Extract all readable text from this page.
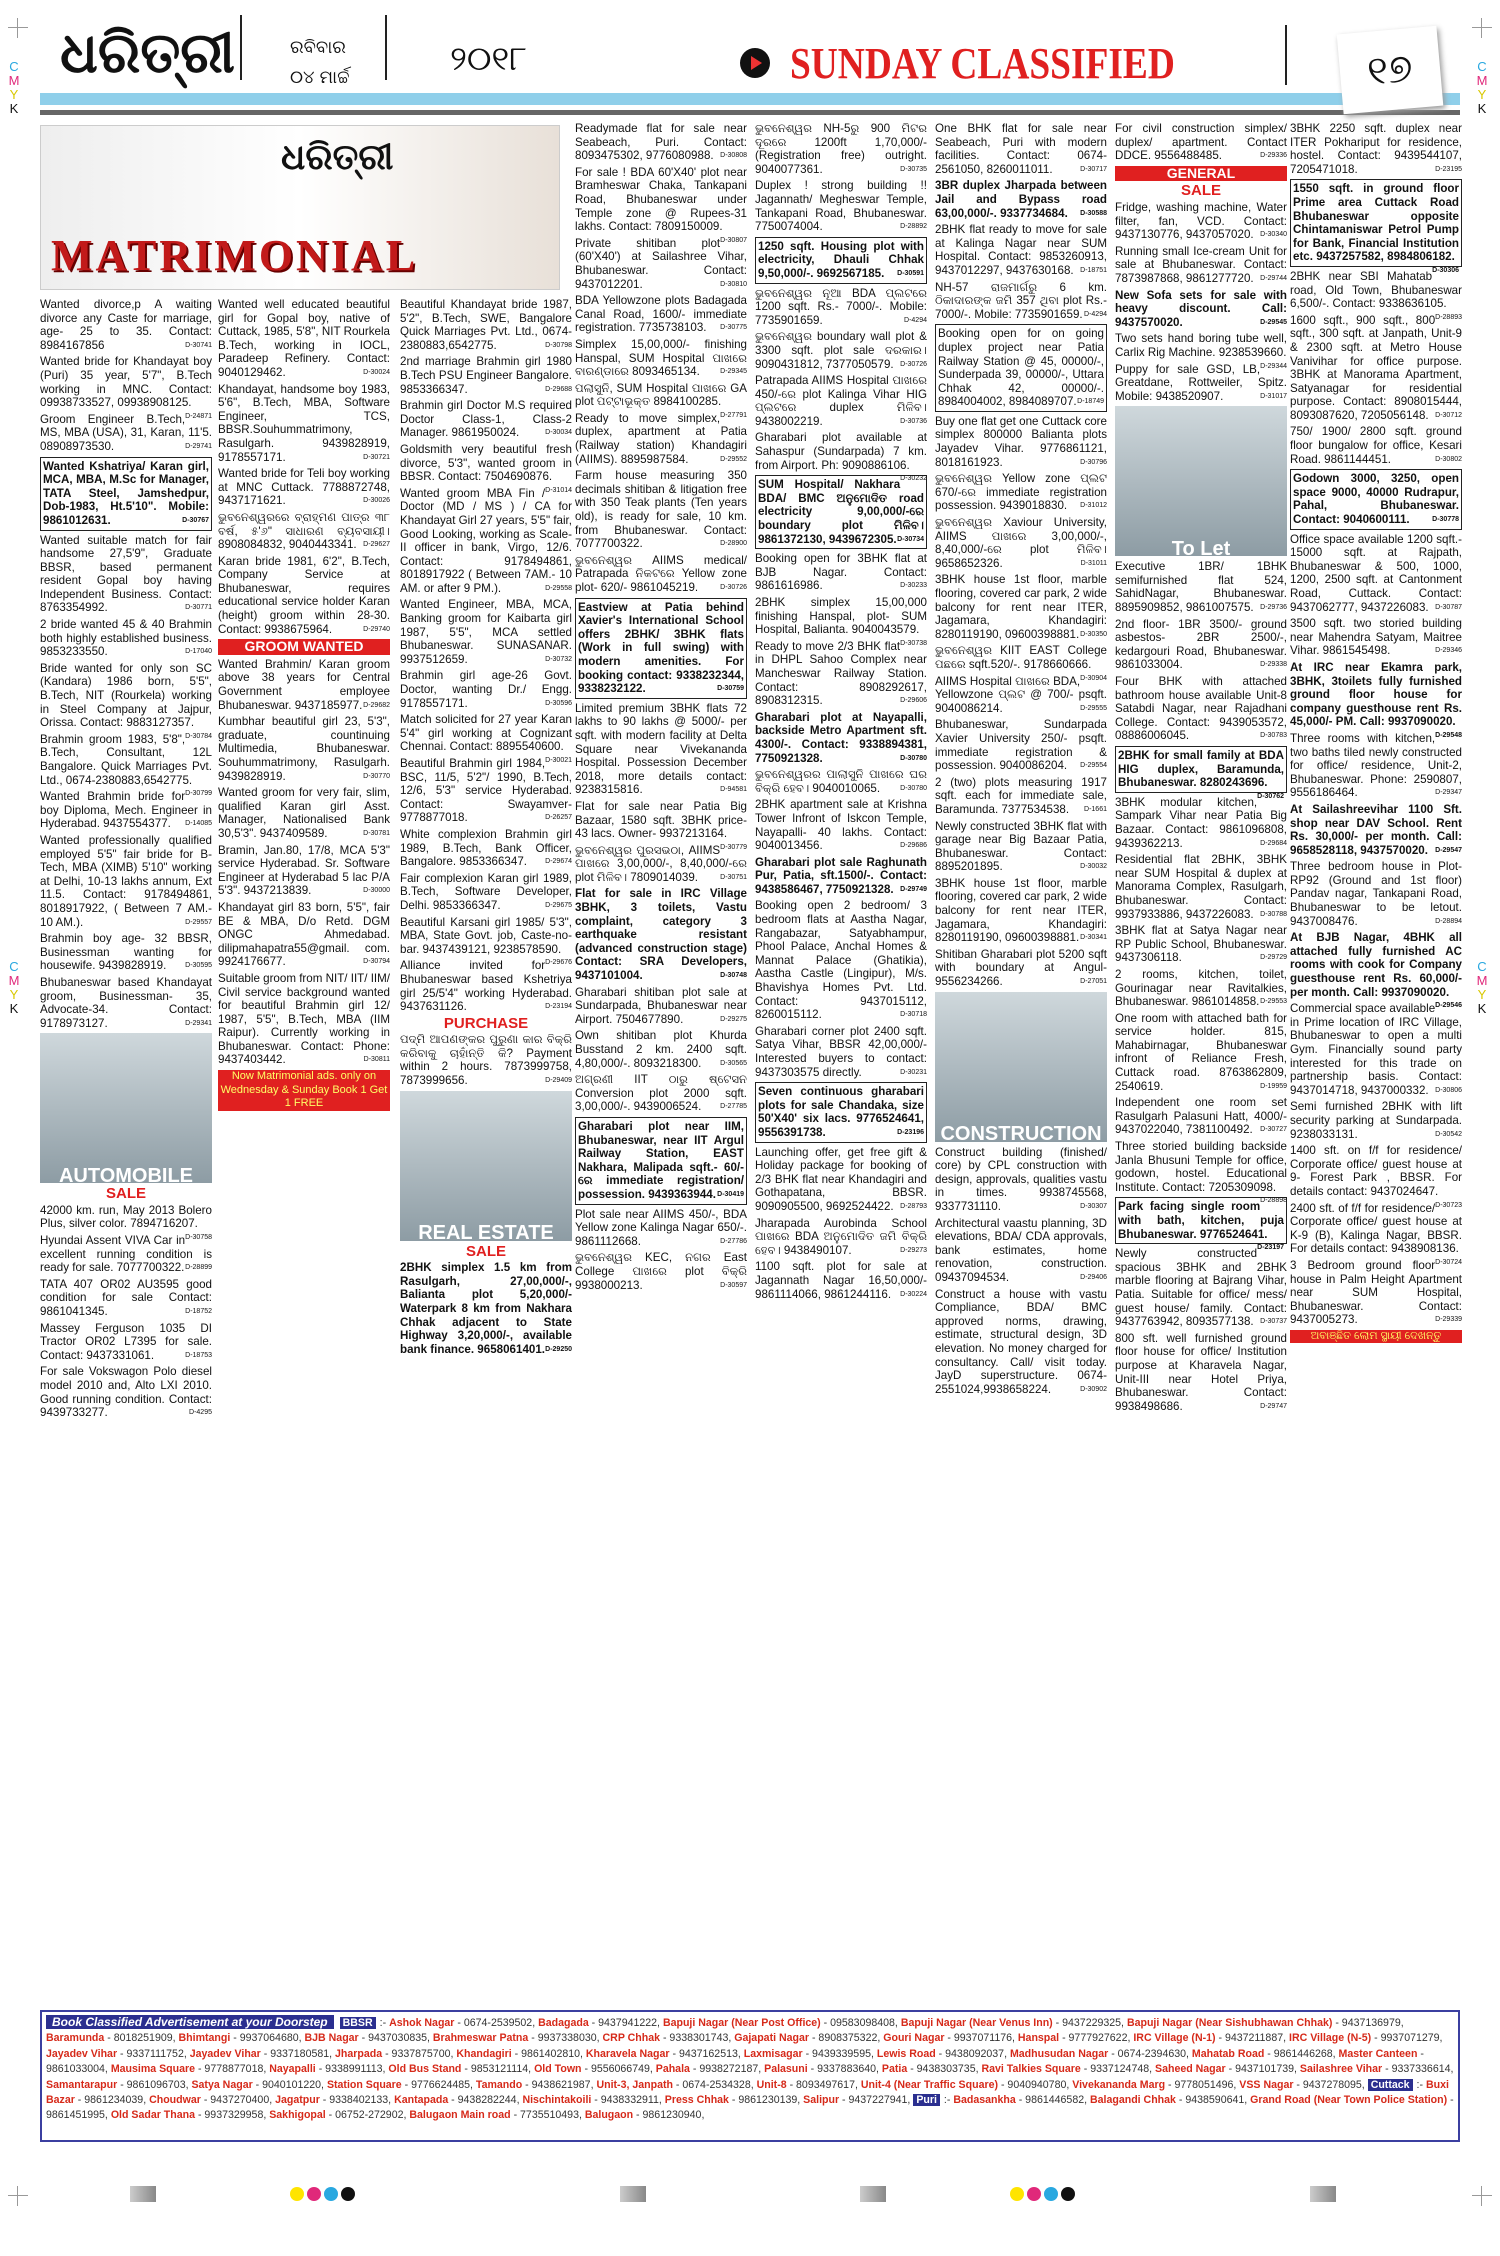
C
M
Y
K
C
M
Y
K
C
M
Y
K
C
M
Y
K
ଧରିତ୍ରୀ	ରବିବାର
୦୪ ମାର୍ଚ୍ଚ	୨୦୧୮	SUNDAY CLASSIFIED	୧୭
ଧରିତ୍ରୀ
MATRIMONIAL
Wanted divorce,p A waiting divorce any Caste for marriage, age- 25 to 35. Contact: 8984167856	D-30741
Wanted bride for Khandayat boy (Puri) 35 year, 5'7", B.Tech working in MNC. Contact: 09938733527, 09938908125.
D-24871
Groom Engineer B.Tech, MS, MBA (USA), 31, Karan, 11'5. 08908973530.	D-29741
Wanted Kshatriya/ Karan girl, MCA, MBA, M.Sc for Manager, TATA Steel, Jamshedpur, Dob-1983, Ht.5'10". Mobile: 9861012631.	D-30767
Wanted suitable match for fair handsome 27,5'9", Graduate BBSR, based permanent resident Gopal boy having Independent Business. Contact: 8763354992.	D-30771
2 bride wanted 45 & 40 Brahmin both highly established business. 9853233550.	D-17040
Bride wanted for only son SC (Kandara) 1986 born, 5'5", B.Tech, NIT (Rourkela) working in Steel Company at Jajpur, Orissa. Contact: 9883127357.
D-30784
Brahmin groom 1983, 5'8", B.Tech, Consultant, 12L Bangalore. Quick Marriages Pvt. Ltd., 0674-2380883,6542775.
D-30799
Wanted Brahmin bride for boy Diploma, Mech. Engineer in Hyderabad. 9437554377. D-14085
Wanted professionally qualified employed 5'5" fair bride for B-Tech, MBA (XIMB) 5'10" working at Delhi, 10-13 lakhs annum, Ext 11.5. Contact: 9178494861, 8018917922, ( Between 7 AM.- 10 AM.).	D-29557
Brahmin boy age- 32 BBSR, Businessman wanting for housewife. 9439828919.	D-30595
Bhubaneswar based Khandayat groom, Businessman- 35, Advocate-34. Contact: 9178973127.	D-29341
AUTOMOBILE
SALE
42000 km. run, May 2013 Bolero Plus, silver color. 7894716207.
D-30758
Hyundai Assent VIVA Car in excellent running condition is ready for sale. 7077700322. D-28899
TATA 407 OR02 AU3595 good condition for sale Contact: 9861041345.	D-18752
Massey Ferguson 1035 DI Tractor OR02 L7395 for sale. Contact: 9437331061.	D-18753
For sale Vokswagon Polo diesel model 2010 and, Alto LXI 2010. Good running condition. Contact: 9439733277.	D-4295
Wanted well educated beautiful girl for Gopal boy, native of Cuttack, 1985, 5'8", NIT Rourkela B.Tech, working in IOCL, Paradeep Refinery. Contact: 9040129462.	D-30024
Khandayat, handsome boy 1983, 5'6", B.Tech, MBA, Software Engineer, TCS, BBSR.Souhummatrimony, Rasulgarh. 9439828919, 9178557171.	D-30721
Wanted bride for Teli boy working at MNC Cuttack. 7788872748, 9437171621.	D-30026
ଭୁବନେଶ୍ୱରରେ ବ୍ରାହ୍ମଣ ପାତ୍ର ୩୮ ବର୍ଷ, ୫'୬" ସାଧାରଣ ବ୍ୟବସାୟୀ। 8908084832, 9040443341. D-29627
Karan bride 1981, 6'2", B.Tech, Company Service at Bhubaneswar, requires educational service holder Karan (height) groom within 28-30. Contact: 9938675964.	D-29740
GROOM WANTED
Wanted Brahmin/ Karan groom above 38 years for Central Government employee Bhubaneswar. 9437185977. D-29682
Kumbhar beautiful girl 23, 5'3", graduate, countinuing Multimedia, Bhubaneswar. Souhummatrimony, Rasulgarh. 9439828919.	D-30770
Wanted groom for very fair, slim, qualified Karan girl Asst. Manager, Nationalised Bank 30,5'3". 9437409589.	D-30781
Bramin, Jan.80, 17/8, MCA 5'3" service Hyderabad. Sr. Software Engineer at Hyderabad 5 lac P/A 5'3". 9437213839.	D-30000
Khandayat girl 83 born, 5'5", fair BE & MBA, D/o Retd. DGM ONGC Ahmedabad. dilipmahapatra55@gmail. com. 9924176677.	D-30794
Suitable groom from NIT/ IIT/ IIM/ Civil service background wanted for beautiful Brahmin girl 12/ 1987, 5'5", B.Tech, MBA (IIM Raipur). Currently working in Bhubaneswar. Contact: Phone: 9437403442.	D-30811
Now Matrimonial ads. only on Wednesday & Sunday Book 1 Get 1 FREE
Beautiful Khandayat bride 1987, 5'2", B.Tech, SWE, Bangalore Quick Marriages Pvt. Ltd., 0674-2380883,6542775.	D-30798
2nd marriage Brahmin girl 1980 B.Tech PSU Engineer Bangalore. 9853366347.	D-29688
Brahmin girl Doctor M.S required Doctor Class-1, Class-2 Manager. 9861950024.	D-30034
Goldsmith very beautiful fresh divorce, 5'3", wanted groom in BBSR. Contact: 7504690876.
D-31014
Wanted groom MBA Fin / Doctor (MD / MS ) / CA for Khandayat Girl 27 years, 5'5" fair, Good Looking, working as Scale-II officer in bank, Virgo, 12/6. Contact: 9178494861, 8018917922 ( Between 7AM.- 10 AM. or after 9 PM.).	D-29558
Wanted Engineer, MBA, MCA, Banking groom for Kaibarta girl 1987, 5'5", MCA settled Bhubaneswar. SUNASANAR. 9937512659.	D-30732
Brahmin girl age-26 Govt. Doctor, wanting Dr./ Engg. 9178557171.	D-30596
Match solicited for 27 year Karan 5'4" girl working at Cognizant Chennai. Contact: 8895540600.
D-30021
Beautiful Brahmin girl 1984, BSC, 11/5, 5'2"/ 1990, B.Tech, 12/6, 5'3" service Hyderabad. Contact: Swayamver- 9778877018.	D-26257
White complexion Brahmin girl 1989, B.Tech, Bank Officer, Bangalore. 9853366347.	D-29674
Fair complexion Karan girl 1989, B.Tech, Software Developer, Delhi. 9853366347.	D-29675
Beautiful Karsani girl 1985/ 5'3", MBA, State Govt. job, Caste-no-bar. 9437439121, 9238578590.
D-29676
Alliance invited for Bhubaneswar based Kshetriya girl 25/5'4" working Hyderabad. 9437631126.	D-23194
PURCHASE
ପଦ୍ମି ଆପଣଙ୍କର ପୁରୁଣା କାର ବିକ୍ରି କରିବାକୁ ଚାହାଁନ୍ତି କି? Payment within 2 hours. 7873999758, 7873999656.	D-29409
REAL ESTATE
SALE
2BHK simplex 1.5 km from Rasulgarh, 27,00,000/-, Balianta plot 5,20,000/- Waterpark 8 km from Nakhara Chhak adjacent to State Highway 3,20,000/-, available bank finance. 9658061401. D-29250
Readymade flat for sale near Seabeach, Puri. Contact: 8093475302, 9776080988. D-30808
For sale ! BDA 60'X40' plot near Bramheswar Chaka, Tankapani Road, Bhubaneswar under Temple zone @ Rupees-31 lakhs. Contact: 7809150009.
D-30807
Private shitiban plot (60'X40') at Sailashree Vihar, Bhubaneswar. Contact: 9437012201.	D-30810
BDA Yellowzone plots Badagada Canal Road, 1600/- immediate registration. 7735738103. D-30775
Simplex 15,00,000/- finishing Hanspal, SUM Hospital ପାଖରେ ବାରଣ୍ଡାରେ 8093465134.	D-29345
ପଲାସୁନି, SUM Hospital ପାଖରେ GA plot ପଟ୍ଟାଭୂକ୍ତ 8984100285.
D-27791
Ready to move simplex, duplex, apartment at Patia (Railway station) Khandagiri (AIIMS). 8895987584.	D-29552
Farm house measuring 350 decimals shitiban & litigation free with 350 Teak plants (Ten years old), is ready for sale, 10 km. from Bhubaneswar. Contact: 7077700322.	D-28900
ଭୁବନେଶ୍ୱର AIIMS medical/ Patrapada ନିକଟରେ Yellow zone plot- 620/- 9861045219.	D-30726
Eastview at Patia behind Xavier's International School offers 2BHK/ 3BHK flats (Work in full swing) with modern amenities. For booking contact: 9338232344, 9338232122.	D-30759
Limited premium 3BHK flats 72 lakhs to 90 lakhs @ 5000/- per sqft. with modern facility at Delta Square near Vivekananda Hospital. Possession December 2018, more details contact: 9238315816.	D-94581
Flat for sale near Patia Big Bazaar, 1580 sqft. 3BHK price- 43 lacs. Owner- 9937213164.
D-30779
ଭୁବନେଶ୍ୱର ପୁରସଭଠା, AIIMS ପାଖରେ 3,00,000/-, 8,40,000/-ରେ plot ମିଳିବ। 7809014039.	D-30751
Flat for sale in IRC Village 3BHK, 3 toilets, Vastu complaint, category 3 earthquake resistant (advanced construction stage) Contact: SRA Developers, 9437101004.	D-30748
Gharabari shitiban plot sale at Sundarpada, Bhubaneswar near Airport. 7504677890.	D-29275
Own shitiban plot Khurda Busstand 2 km. 2400 sqft. 4,80,000/-. 8093218300.	D-30565
ଅଗ୍ରଣୀ IIT ଠାରୁ ଷ୍ଟେସନ Conversion plot 2000 sqft. 3,00,000/-. 9439006524.	D-27785
Gharabari plot near IIM, Bhubaneswar, near IIT Argul Railway Station, EAST Nakhara, Malipada sqft.- 60/-ରେ immediate registration/ possession. 9439363944. D-30419
Plot sale near AIIMS 450/-, BDA Yellow zone Kalinga Nagar 650/-. 9861112668.	D-27786
ଭୁବନେଶ୍ୱର KEC, ନଗର East College ପାଖରେ plot ବିକ୍ରି 9938000213.	D-30597
ଭୁବନେଶ୍ୱର NH-5ରୁ 900 ମିଟର ଦୂରରେ 1200ft 1,70,000/- (Registration free) outright. 9040077361.	D-30735
Duplex ! strong building !! Jagannath/ Megheswar Temple, Tankapani Road, Bhubaneswar. 7750074004.	D-28892
1250 sqft. Housing plot with electricity, Dhauli Chhak 9,50,000/-. 9692567185. D-30591
ଭୁବନେଶ୍ୱର ନୂଆ BDA ପ୍ଲଟରେ 1200 sqft. Rs.- 7000/-. Mobile: 7735901659.	D-4294
ଭୁବନେଶ୍ୱର boundary wall plot & 3300 sqft. plot sale ଦରକାର। 9090431812, 7377050579. D-30726
Patrapada AIIMS Hospital ପାଖରେ 450/-ରେ plot Kalinga Vihar HIG ପ୍ଲଟରେ duplex ମିଳିବ। 9438002219.	D-30736
Gharabari plot available at Sahaspur (Sundarpada) 7 km. from Airport. Ph: 9090886106.
D-30232
SUM Hospital/ Nakhara BDA/ BMC ଅନୁମୋଦିତ road electricity 9,00,000/-ରେ boundary plot ମିଳିବ। 9861372130, 9439672305. D-30734
Booking open for 3BHK flat at BJB Nagar. Contact: 9861616986.	D-30233
2BHK simplex 15,00,000 finishing Hanspal, plot- SUM Hospital, Balianta. 9040043579.
D-30738
Ready to move 2/3 BHK flat in DHPL Sahoo Complex near Mancheswar Railway Station. Contact: 8908292617, 8908312315.	D-29606
Gharabari plot at Nayapalli, backside Metro Apartment sft. 4300/-. Contact: 9338894381, 7750921328.	D-30780
ଭୁବନେଶ୍ୱରର ପାଲାସୁନି ପାଖରେ ଘର ବିକ୍ରି ହେବ। 9040010065.	D-30780
2BHK apartment sale at Krishna Tower Infront of Iskcon Temple, Nayapalli- 40 lakhs. Contact: 9040013456.	D-29686
Gharabari plot sale Raghunath Pur, Patia, sft.1500/-. Contact: 9438586467, 7750921328. D-29749
Booking open 2 bedroom/ 3 bedroom flats at Aastha Nagar, Rangabazar, Satyabhampur, Phool Palace, Anchal Homes & Mannat Palace (Ghatikia), Aastha Castle (Lingipur), M/s. Bhavishya Homes Pvt. Ltd. Contact: 9437015112, 8260015112.	D-30718
Gharabari corner plot 2400 sqft. Satya Vihar, BBSR 42,00,000/- Interested buyers to contact: 9437303575 directly.	D-30231
Seven continuous gharabari plots for sale Chandaka, size 50'X40' six lacs. 9776524641, 9556391738.	D-23196
Launching offer, get free gift & Holiday package for booking of 2/3 BHK flat near Khandagiri and Gothapatana, BBSR. 9090905500, 9692524422. D-28793
Jharapada Aurobinda School ପାଖରେ BDA ଅନୁମୋଦିତ ଜମି ବିକ୍ରି ହେବ। 9438490107.	D-29273
1100 sqft. plot for sale at Jagannath Nagar 16,50,000/- 9861114066, 9861244116. D-30224
One BHK flat for sale near Seabeach, Puri with modern facilities. Contact: 0674-2561050, 8260011011.	D-30717
3BR duplex Jharpada between Jail and Bypass road 63,00,000/-. 9337734684. D-30588
2BHK flat ready to move for sale at Kalinga Nagar near SUM Hospital. Contact: 9853260913, 9437012297, 9437630168. D-18751
NH-57 ରାଜମାର୍ଗରୁ 6 km. ଠିକାଦାରଙ୍କ ଜମି 357 ଥିବା plot Rs.- 7000/-. Mobile: 7735901659. D-4294
Booking open for on going duplex project near Patia Railway Station @ 45, 00000/-, Sunderpada 39, 00000/-, Uttara Chhak 42, 00000/-. 8984004002, 8984089707. D-18749
Buy one flat get one Cuttack core simplex 800000 Balianta plots Jayadev Vihar. 9776861121, 8018161923.	D-30796
ଭୁବନେଶ୍ୱର Yellow zone ପ୍ଲଟ 670/-ରେ immediate registration possession. 9439018830. D-31012
ଭୁବନେଶ୍ୱର Xaviour University, AIIMS ପାଖରେ 3,00,000/-, 8,40,000/-ରେ plot ମିଳିବ। 9658652326.	D-31011
3BHK house 1st floor, marble flooring, covered car park, 2 wide balcony for rent near ITER, Jagamara, Khandagiri: 8280119190, 09600398881. D-30350
ଭୁବନେଶ୍ୱର KIIT EAST College ପଛରେ sqft.520/-. 9178660666.
D-30904
AIIMS Hospital ପାଖରେ BDA, Yellowzone ପ୍ଲଟ @ 700/- psqft. 9040086214.	D-29555
Bhubaneswar, Sundarpada Xavier University 250/- psqft. immediate registration & possession. 9040086204. D-29554
2 (two) plots measuring 1917 sqft. each for immediate sale, Baramunda. 7377534538. D-1661
Newly constructed 3BHK flat with garage near Big Bazaar Patia, Bhubaneswar. Contact: 8895201895.	D-30032
3BHK house 1st floor, marble flooring, covered car park, 2 wide balcony for rent near ITER, Jagamara, Khandagiri: 8280119190, 09600398881. D-30341
Shitiban Gharabari plot 5200 sqft with boundary at Angul-9556234266.	D-27051
CONSTRUCTION
Construct building (finished/ core) by CPL construction with design, approvals, qualities vastu in times. 9938745568, 9337731110.	D-30307
Architectural vaastu planning, 3D elevations, BDA/ CDA approvals, bank estimates, home renovation, construction. 09437094534.	D-29406
Construct a house with vastu Compliance, BDA/ BMC approved norms, drawing, estimate, structural design, 3D elevation. No money charged for consultancy. Call/ visit today. JayD superstructure. 0674-2551024,9938658224.	D-30902
For civil construction simplex/ duplex/ apartment. Contact DDCE. 9556488485.	D-29336
GENERAL
SALE
Fridge, washing machine, Water filter, fan, VCD. Contact: 9437130776, 9437057020. D-30340
Running small Ice-cream Unit for sale at Bhubaneswar. Contact: 7873987868, 9861277720. D-29744
New Sofa sets for sale with heavy discount. Call: 9437570020.	D-29545
Two sets hand boring tube well, Carlix Rig Machine. 9238539660.
D-29344
Puppy for sale GSD, LB, Greatdane, Rottweiler, Spitz. Mobile: 9438520907.	D-31017
To Let
Executive 1BR/ 1BHK semifurnished flat 524, SahidNagar, Bhubaneswar. 8895909852, 9861007575. D-29736
2nd floor- 1BR 3500/- ground asbestos- 2BR 2500/-, kedargouri Road, Bhubaneswar. 9861033004.	D-29338
Four BHK with attached bathroom house available Unit-8 Satabdi Nagar, near Rajadhani College. Contact: 9439053572, 08886006045.	D-30783
2BHK for small family at BDA HIG duplex, Baramunda, Bhubaneswar. 8280243696.
D-30762
3BHK modular kitchen, Sampark Vihar near Patia Big Bazaar. Contact: 9861096808, 9439362213.	D-29684
Residential flat 2BHK, 3BHK near SUM Hospital & duplex at Manorama Complex, Rasulgarh, Bhubaneswar. Contact: 9937933886, 9437226083. D-30788
3BHK flat at Satya Nagar near RP Public School, Bhubaneswar. 9437306118.	D-29729
2 rooms, kitchen, toilet, Gourinagar near Ravitalkies, Bhubaneswar. 9861014858. D-29553
One room with attached bath for service holder. 815, Mahabirnagar, Bhubaneswar infront of Reliance Fresh, Cuttack road. 8763862809, 2540619.	D-19959
Independent one room set Rasulgarh Palasuni Hatt, 4000/- 9437022040, 7381100492. D-30727
Three storied building backside Janla Bhusuni Temple for office, godown, hostel. Educational Institute. Contact: 7205309098.
D-28898
Park facing single room with bath, kitchen, puja Bhubaneswar. 9776524641.
D-23197
Newly constructed spacious 3BHK and 2BHK marble flooring at Bajrang Vihar, Patia. Suitable for office/ mess/ guest house/ family. Contact: 9437763942, 8093577138. D-30737
800 sft. well furnished ground floor house for office/ Institution purpose at Kharavela Nagar, Unit-III near Hotel Priya, Bhubaneswar. Contact: 9938498686.	D-29747
3BHK 2250 sqft. duplex near ITER Pokhariput for residence, hostel. Contact: 9439544107, 7205471018.	D-23195
1550 sqft. in ground floor Prime area Cuttack Road Bhubaneswar opposite Chintamaniswar Petrol Pump for Bank, Financial Institution etc. 9437257582, 8984806182.
D-30306
2BHK near SBI Mahatab road, Old Town, Bhubaneswar 6,500/-. Contact: 9338636105.
D-28893
1600 sqft., 900 sqft., 800 sqft., 300 sqft. at Janpath, Unit-9 & 2300 sqft. at Metro House Vanivihar for office purpose. 3BHK at Manorama Apartment, Satyanagar for residential purpose. Contact: 8908015444, 8093087620, 7205056148. D-30712
750/ 1900/ 2800 sqft. ground floor bungalow for office, Kesari Road. 9861144451.	D-30802
Godown 3000, 3250, open space 9000, 40000 Rudrapur, Pahal, Bhubaneswar. Contact: 9040600111.	D-30778
Office space available 1200 sqft.- 15000 sqft. at Rajpath, Bhubaneswar & 500, 1000, 1200, 2500 sqft. at Cantonment Road, Cuttack. Contact: 9437062777, 9437226083. D-30787
3500 sqft. two storied building near Mahendra Satyam, Maitree Vihar. 9861545498.	D-29346
At IRC near Ekamra park, 3BHK, 3toilets fully furnished ground floor house for company guesthouse rent Rs. 45,000/- PM. Call: 9937090020.
D-29548
Three rooms with kitchen, two baths tiled newly constructed for office/ residence, Unit-2, Bhubaneswar. Phone: 2590807, 9556186464.	D-29347
At Sailashreevihar 1100 Sft. shop near DAV School. Rent Rs. 30,000/- per month. Call: 9658528118, 9437570020. D-29547
Three bedroom house in Plot- RP92 (Ground and 1st floor) Pandav nagar, Tankapani Road, Bhubaneswar to be letout. 9437008476.	D-28894
At BJB Nagar, 4BHK all attached fully furnished AC rooms with cook for Company guesthouse rent Rs. 60,000/- per month. Call: 9937090020.
D-29546
Commercial space available in Prime location of IRC Village, Bhubaneswar to open a multi Gym. Financially sound party interested for this trade on partnership basis. Contact: 9437014718, 9437000332. D-30806
Semi furnished 2BHK with lift security parking at Sundarpada. 9238033131.	D-30542
1400 sft. on f/f for residence/ Corporate office/ guest house at 9- Forest Park , BBSR. For details contact: 9437024647.
D-30723
2400 sft. of f/f for residence/ Corporate office/ guest house at K-9 (B), Kalinga Nagar, BBSR. For details contact: 9438908136.
D-30724
3 Bedroom ground floor house in Palm Height Apartment near SUM Hospital, Bhubaneswar. Contact: 9437005273.	D-29339
ଅବାଞ୍ଛିତ ଲୋମ ସ୍ଥାୟୀ ଦେଖନ୍ତୁ
Book Classified Advertisement at your Doorstep BBSR :- Ashok Nagar - 0674-2539502, Badagada - 9437941222, Bapuji Nagar (Near Post Office) - 09583098408, Bapuji Nagar (Near Venus Inn) - 9437229325, Bapuji Nagar (Near Sishubhawan Chhak) - 9437136979, Baramunda - 8018251909, Bhimtangi - 9937064680, BJB Nagar - 9437030835, Brahmeswar Patna - 9937338030, CRP Chhak - 9338301743, Gajapati Nagar - 8908375322, Gouri Nagar - 9937071176, Hanspal - 9777927622, IRC Village (N-1) - 9437211887, IRC Village (N-5) - 9937071279, Jayadev Vihar - 9337111752, Jayadev Vihar - 9337180581, Jharpada - 9337875700, Khandagiri - 9861402810, Kharavela Nagar - 9437162513, Laxmisagar - 9439339595, Lewis Road - 9438092037, Madhusudan Nagar - 0674-2394630, Mahatab Road - 9861446268, Master Canteen - 9861033004, Mausima Square - 9778877018, Nayapalli - 9338991113, Old Bus Stand - 9853121114, Old Town - 9556066749, Pahala - 9938272187, Palasuni - 9337883640, Patia - 9438303735, Ravi Talkies Square - 9337124748, Saheed Nagar - 9437101739, Sailashree Vihar - 9337336614, Samantarapur - 9861096703, Satya Nagar - 9040101220, Station Square - 9776624485, Tamando - 9438621987, Unit-3, Janpath - 0674-2534328, Unit-8 - 8093497617, Unit-4 (Near Traffic Square) - 9040940780, Vivekananda Marg - 9778051496, VSS Nagar - 9437278095, Cuttack :- Buxi Bazar - 9861234039, Choudwar - 9437270400, Jagatpur - 9338402133, Kantapada - 9438282244, Nischintakoili - 9438332911, Press Chhak - 9861230139, Salipur - 9437227941, Puri :- Badasankha - 9861446582, Balagandi Chhak - 9438590641, Grand Road (Near Town Police Station) - 9861451995, Old Sadar Thana - 9937329958, Sakhigopal - 06752-272902, Balugaon Main road - 7735510493, Balugaon - 9861230940,
